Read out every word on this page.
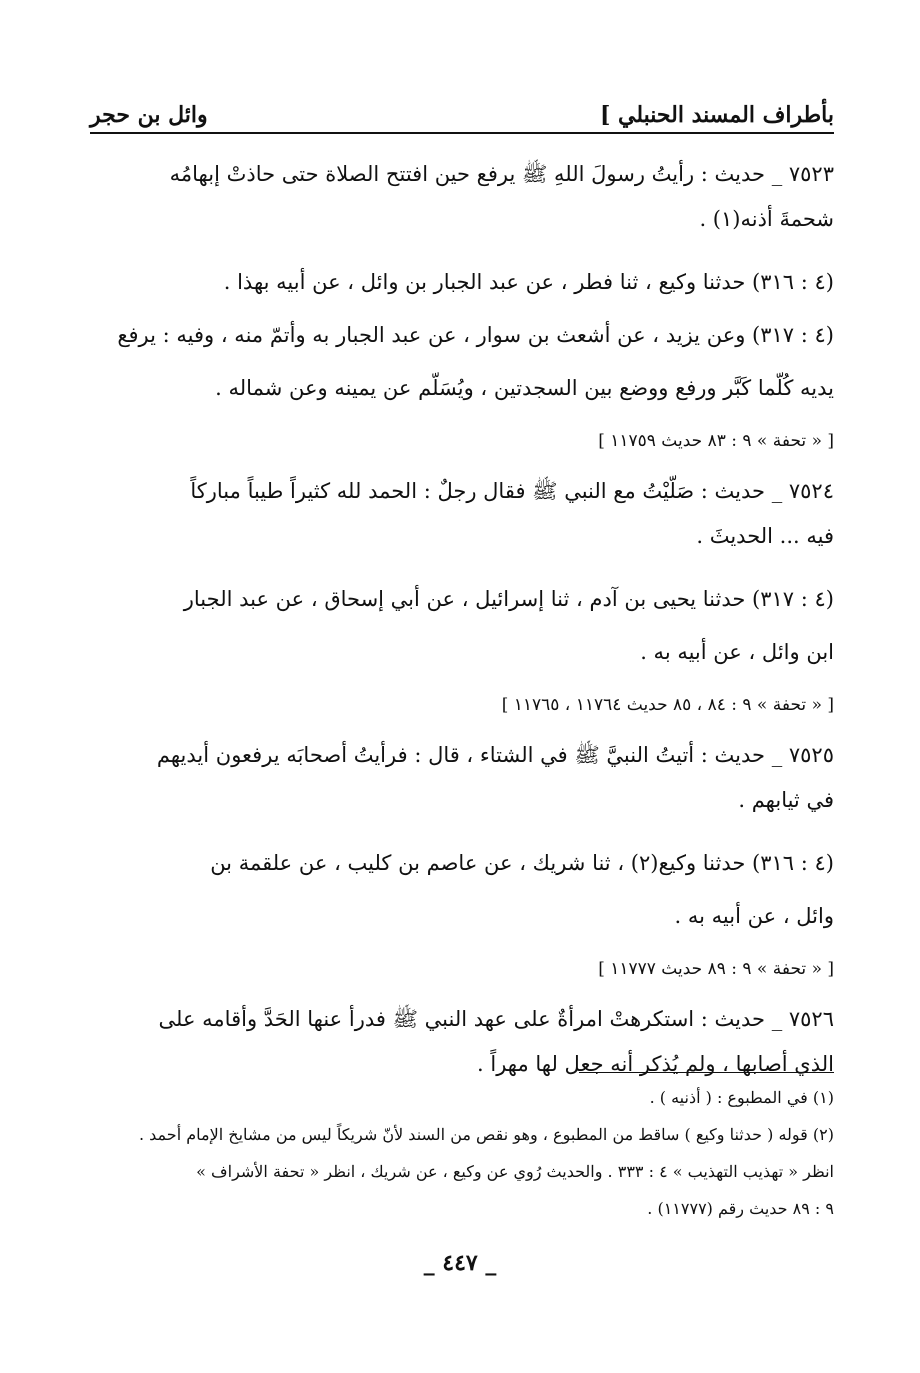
بأطراف المسند الحنبلي ]
وائل بن حجر
٧٥٢٣ _ حديث : رأيتُ رسولَ اللهِ ﷺ يرفع حين افتتح الصلاة حتى حاذتْ إبهامُه
شحمةَ أذنه(١) .
(٤ : ٣١٦) حدثنا وكيع ، ثنا فطر ، عن عبد الجبار بن وائل ، عن أبيه بهذا .
(٤ : ٣١٧) وعن يزيد ، عن أشعث بن سوار ، عن عبد الجبار به وأتمّ منه ، وفيه : يرفع
يديه كُلّما كَبَّر ورفع ووضع بين السجدتين ، ويُسَلّم عن يمينه وعن شماله .
[ « تحفة » ٩ : ٨٣ حديث ١١٧٥٩ ]
٧٥٢٤ _ حديث : صَلّيْتُ مع النبي ﷺ فقال رجلٌ : الحمد لله كثيراً طيباً مباركاً
فيه ... الحديثَ .
(٤ : ٣١٧) حدثنا يحيى بن آدم ، ثنا إسرائيل ، عن أبي إسحاق ، عن عبد الجبار
ابن وائل ، عن أبيه به .
[ « تحفة » ٩ : ٨٤ ، ٨٥ حديث ١١٧٦٤ ، ١١٧٦٥ ]
٧٥٢٥ _ حديث : أتيتُ النبيَّ ﷺ في الشتاء ، قال : فرأيتُ أصحابَه يرفعون أيديهم
في ثيابهم .
(٤ : ٣١٦) حدثنا وكيع(٢) ، ثنا شريك ، عن عاصم بن كليب ، عن علقمة بن
وائل ، عن أبيه به .
[ « تحفة » ٩ : ٨٩ حديث ١١٧٧٧ ]
٧٥٢٦ _ حديث : استكرهتْ امرأةٌ على عهد النبي ﷺ فدرأ عنها الحَدَّ وأقامه على
الذي أصابها ، ولم يُذكر أنه جعل لها مهراً .
(١) في المطبوع : ( أذنيه ) .
(٢) قوله ( حدثنا وكيع ) ساقط من المطبوع ، وهو نقص من السند لأنّ شريكاً ليس من مشايخ الإمام أحمد .
انظر « تهذيب التهذيب » ٤ : ٣٣٣ . والحديث رُوي عن وكيع ، عن شريك ، انظر « تحفة الأشراف »
٩ : ٨٩ حديث رقم (١١٧٧٧) .
_ ٤٤٧ _
